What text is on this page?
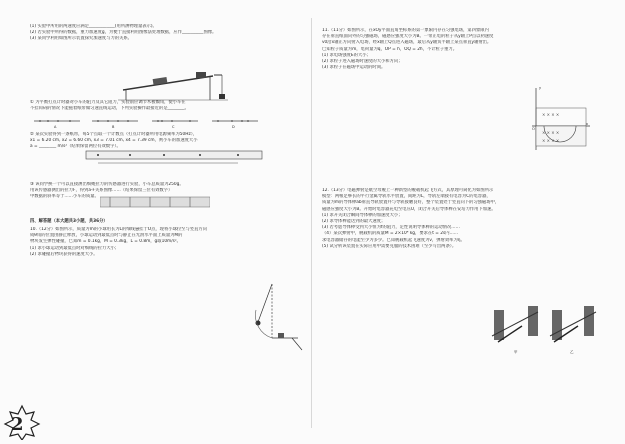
(1) 实验中所用的两速度应满足____________(用所测物理量表示)。
(2) 若实验中所得的数据，重力加速度g，为便于直接利用图像法处理数据，应作__________图像。
(3) 某同学利用如图所示装置探究加速度与力的关系。
① 为平衡打点计时器对小车的阻力及其它阻力，实验前应调节木板倾角，使小车在
不挂钩码的情况下能拖着纸带做匀速直线运动，下列实验操作最接近的是________。
A	B	C	D
② 某次实验得到一条纸带，每5个点取一个计数点（打点计时器所用电源频率为50Hz），
x1 = 6.20 cm, x2 = 6.60 cm, x3 = 7.01 cm, x4 = 7.39 cm，则小车的加速度大小
a = ________ m/s²（结果保留两位有效数字）。
③ 该同学换一个可以直接测出细绳拉力的传感器进行实验，小车总质量为250g。
用该传感器测出的拉力F，得到a-F关系图像……（结果保留三位有效数字）
中数据的斜率等于……小车的质量。
四、解答题（本大题共3小题，共36分）
10.（12分）如图所示，质量为m的小球用长为L的细线悬挂于O点，现将小球拉至与竖直方向
成θ角的位置由静止释放，小球运动到最低点时与静止在光滑水平面上质量为M的
物块发生弹性碰撞，已知m = 0.1kg，M = 0.3kg，L = 0.8m，g取10m/s²。
(1) 求小球运动到最低点时对细线的拉力大小；
(2) 求碰撞后物块获得的速度大小。
11.（11分）如图所示，在xOy平面直角坐标系的第一象限内存在匀强电场，第四象限内
存在垂直纸面向外的匀强磁场，磁感应强度大小为B。一带正电的粒子从y轴上P点以初速度
v0沿x轴正方向射入电场，经x轴上Q点进入磁场，最后从y轴负半轴上某点垂直y轴射出。
已知粒子质量为m，电荷量为q，OP = h，OQ = 2h，不计粒子重力。
(1) 求电场强度E的大小；
(2) 求粒子进入磁场时速度的大小和方向；
(3) 求粒子在磁场中运动的时间。
× × × ×
× × × ×
× × × ×
x
y
O
12.（13分）电磁弹射是航空母舰上一种新型的舰载机起飞方式，其原理可简化为如图所示
模型：两根足够长的平行金属导轨水平放置，间距为L，导轨左端接有电容为C的电容器，
质量为m的导体棒ab垂直导轨放置并与导轨接触良好，整个装置处于竖直向下的匀强磁场中，
磁感应强度大小为B。开始时电容器充电至电压U，闭合开关后导体棒在安培力作用下加速。
(1) 求开关闭合瞬间导体棒的加速度大小；
(2) 求导体棒能达到的最大速度；
(3) 若考虑导体棒受到大小恒为f的阻力，定性说明导体棒的运动情况……
（4）某次弹射中，舰载机的质量M = 2×10⁴ kg，要求在t = 2s内……
求电容器储存的电能至少为多少。已知舰载机起飞速度为v，弹射效率为η。
(5) 试分析该装置在实际应用中需要克服的技术困难（至少写出两条）。
甲	乙
2
